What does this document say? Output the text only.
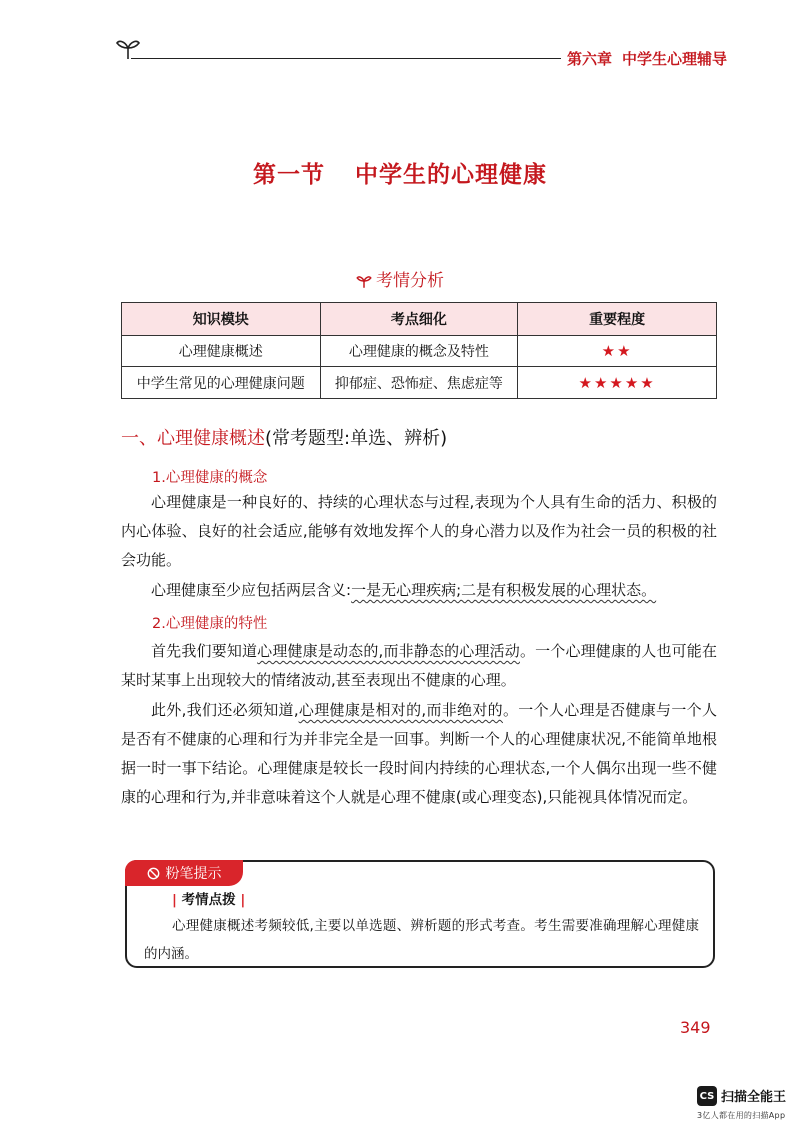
第六章 中学生心理辅导
第一节 中学生的心理健康
考情分析
知识模块	考点细化	重要程度
心理健康概述	心理健康的概念及特性	★★
中学生常见的心理健康问题	抑郁症、恐怖症、焦虑症等	★★★★★
一、心理健康概述(常考题型:单选、辨析)
1.心理健康的概念

心理健康是一种良好的、持续的心理状态与过程,表现为个人具有生命的活力、积极的内心体验、良好的社会适应,能够有效地发挥个人的身心潜力以及作为社会一员的积极的社会功能。

心理健康至少应包括两层含义:一是无心理疾病;二是有积极发展的心理状态。

2.心理健康的特性

首先我们要知道心理健康是动态的,而非静态的心理活动。一个心理健康的人也可能在某时某事上出现较大的情绪波动,甚至表现出不健康的心理。

此外,我们还必须知道,心理健康是相对的,而非绝对的。一个人心理是否健康与一个人是否有不健康的心理和行为并非完全是一回事。判断一个人的心理健康状况,不能简单地根据一时一事下结论。心理健康是较长一段时间内持续的心理状态,一个人偶尔出现一些不健康的心理和行为,并非意味着这个人就是心理不健康(或心理变态),只能视具体情况而定。

粉笔提示
| 考情点拨 |

心理健康概述考频较低,主要以单选题、辨析题的形式考查。考生需要准确理解心理健康的内涵。

349
CS 扫描全能王
3亿人都在用的扫描App
